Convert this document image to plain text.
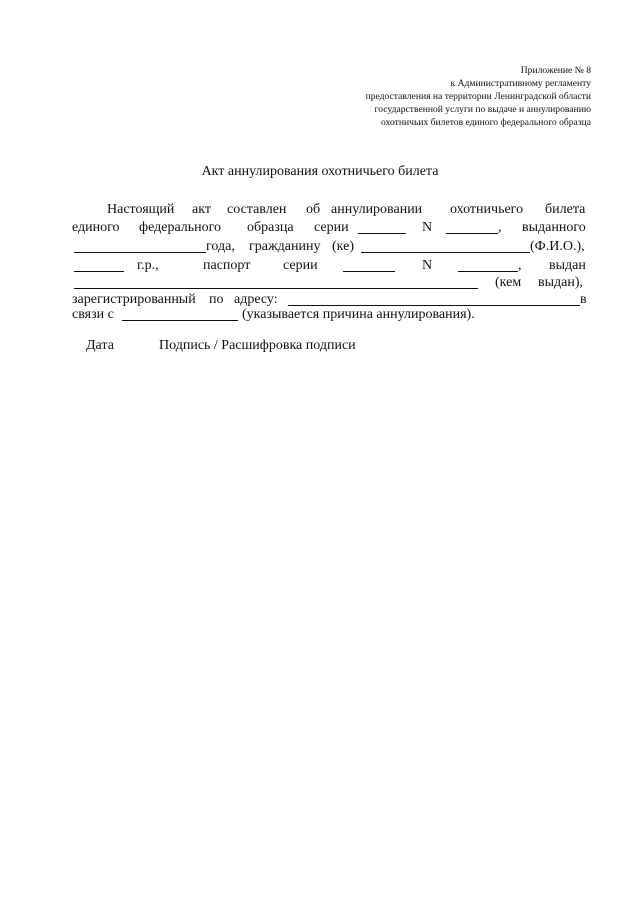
Приложение № 8
к Административному регламенту
предоставления на территории Ленинградской области
государственной услуги по выдаче и аннулированию
охотничьих билетов единого федерального образца
Акт аннулирования охотничьего билета
Настоящий акт составлен об аннулировании охотничьего билета
единого федерального образца серии	N	, выданного
года, гражданину (ке)	(Ф.И.О.),
г.р.,	паспорт серии	N	, выдан
(кем выдан),
зарегистрированный по адресу:	в
связи с	(указывается причина аннулирования).
Дата	Подпись / Расшифровка подписи
